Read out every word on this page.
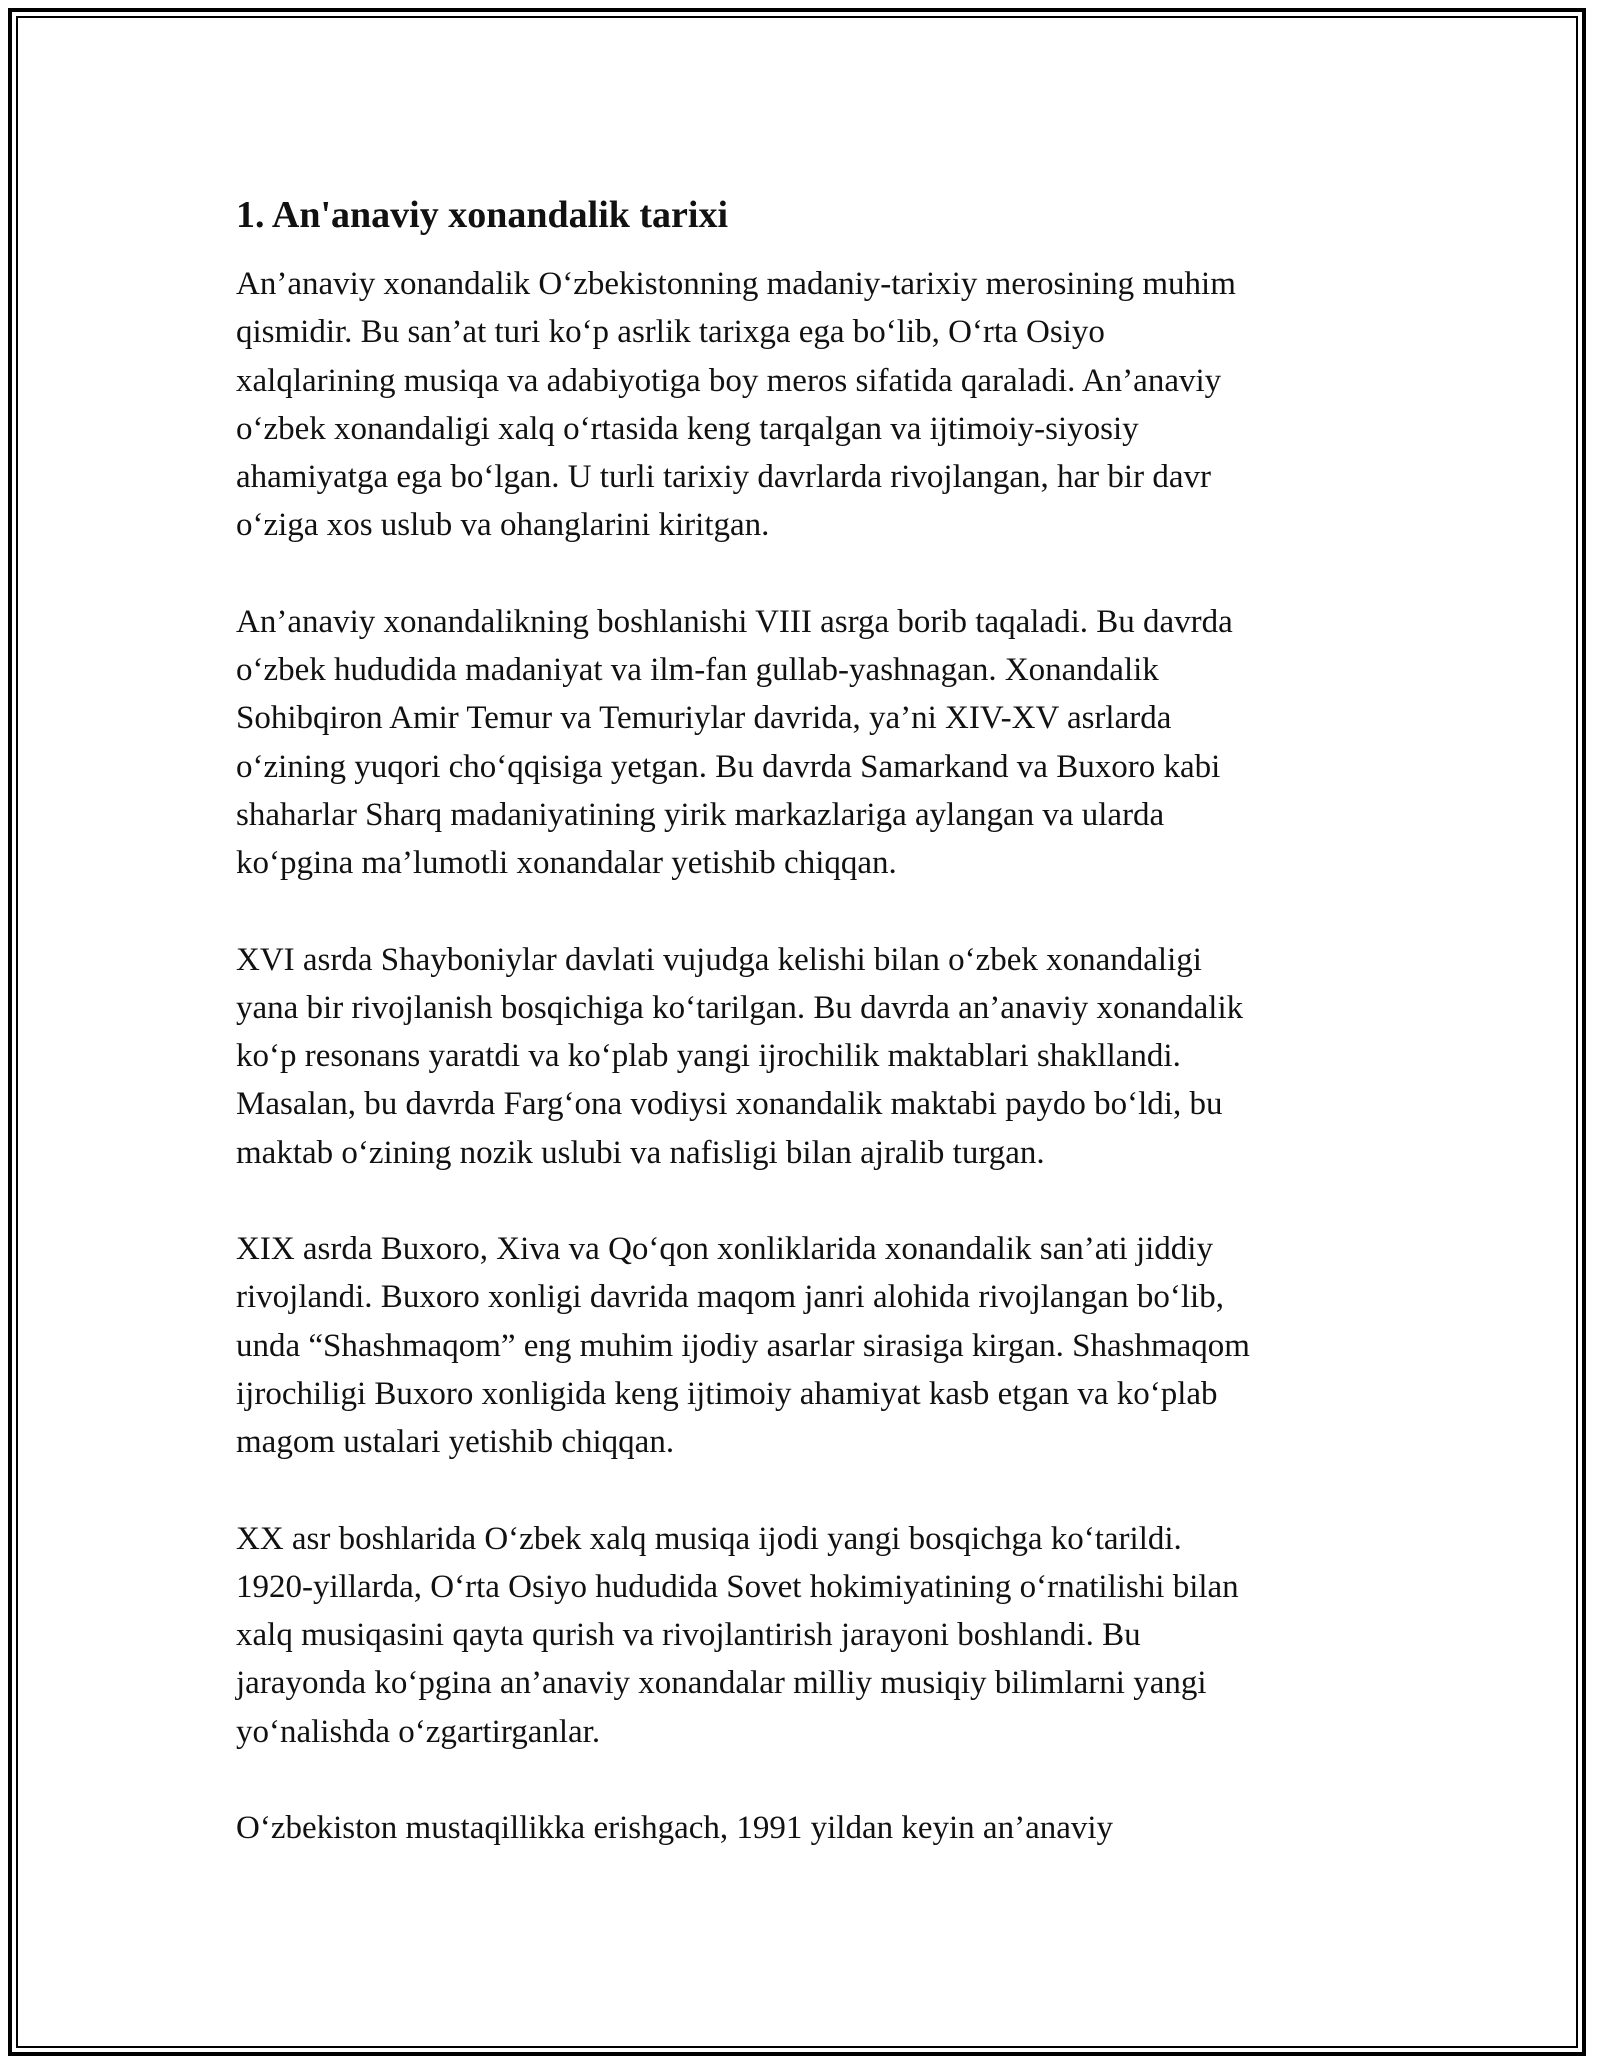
1. An'anaviy xonandalik tarixi

An’anaviy xonandalik O‘zbekistonning madaniy-tarixiy merosining muhim
qismidir. Bu san’at turi ko‘p asrlik tarixga ega bo‘lib, O‘rta Osiyo
xalqlarining musiqa va adabiyotiga boy meros sifatida qaraladi. An’anaviy
o‘zbek xonandaligi xalq o‘rtasida keng tarqalgan va ijtimoiy-siyosiy
ahamiyatga ega bo‘lgan. U turli tarixiy davrlarda rivojlangan, har bir davr
o‘ziga xos uslub va ohanglarini kiritgan.

An’anaviy xonandalikning boshlanishi VIII asrga borib taqaladi. Bu davrda
o‘zbek hududida madaniyat va ilm-fan gullab-yashnagan. Xonandalik
Sohibqiron Amir Temur va Temuriylar davrida, ya’ni XIV-XV asrlarda
o‘zining yuqori cho‘qqisiga yetgan. Bu davrda Samarkand va Buxoro kabi
shaharlar Sharq madaniyatining yirik markazlariga aylangan va ularda
ko‘pgina ma’lumotli xonandalar yetishib chiqqan.

XVI asrda Shayboniylar davlati vujudga kelishi bilan o‘zbek xonandaligi
yana bir rivojlanish bosqichiga ko‘tarilgan. Bu davrda an’anaviy xonandalik
ko‘p resonans yaratdi va ko‘plab yangi ijrochilik maktablari shakllandi.
Masalan, bu davrda Farg‘ona vodiysi xonandalik maktabi paydo bo‘ldi, bu
maktab o‘zining nozik uslubi va nafisligi bilan ajralib turgan.

XIX asrda Buxoro, Xiva va Qo‘qon xonliklarida xonandalik san’ati jiddiy
rivojlandi. Buxoro xonligi davrida maqom janri alohida rivojlangan bo‘lib,
unda “Shashmaqom” eng muhim ijodiy asarlar sirasiga kirgan. Shashmaqom
ijrochiligi Buxoro xonligida keng ijtimoiy ahamiyat kasb etgan va ko‘plab
magom ustalari yetishib chiqqan.

XX asr boshlarida O‘zbek xalq musiqa ijodi yangi bosqichga ko‘tarildi.
1920-yillarda, O‘rta Osiyo hududida Sovet hokimiyatining o‘rnatilishi bilan
xalq musiqasini qayta qurish va rivojlantirish jarayoni boshlandi. Bu
jarayonda ko‘pgina an’anaviy xonandalar milliy musiqiy bilimlarni yangi
yo‘nalishda o‘zgartirganlar.

O‘zbekiston mustaqillikka erishgach, 1991 yildan keyin an’anaviy
